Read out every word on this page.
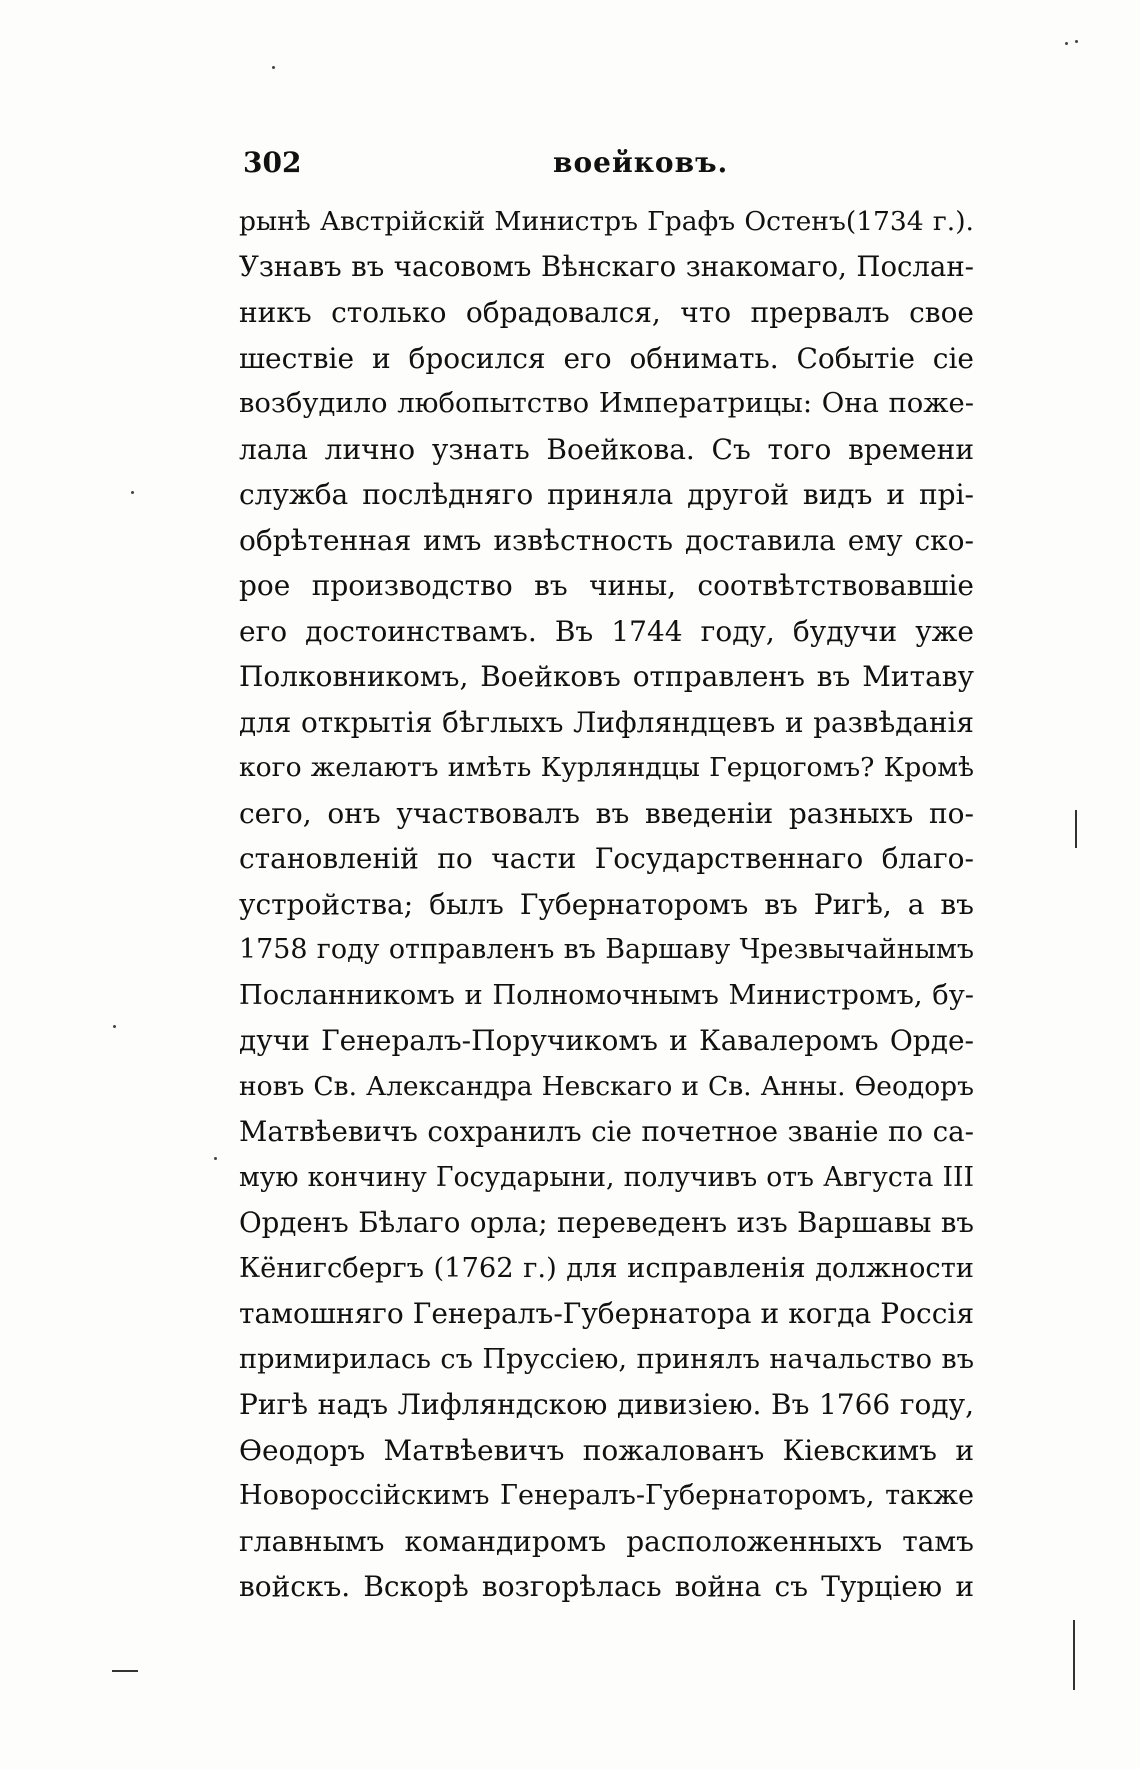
302	воейковъ.
рынѣ Австрійскій Министръ Графъ Остенъ(1734 г.).
Узнавъ въ часовомъ Вѣнскаго знакомаго, Послан-
никъ столько обрадовался, что прервалъ свое
шествіе и бросился его обнимать. Событіе сіе
возбудило любопытство Императрицы: Она поже-
лала лично узнать Воейкова. Съ того времени
служба послѣдняго приняла другой видъ и прі-
обрѣтенная имъ извѣстность доставила ему ско-
рое производство въ чины, соотвѣтствовавшіе
его достоинствамъ. Въ 1744 году, будучи уже
Полковникомъ, Воейковъ отправленъ въ Митаву
для открытія бѣглыхъ Лифляндцевъ и развѣданія
кого желаютъ имѣть Курляндцы Герцогомъ? Кромѣ
сего, онъ участвовалъ въ введеніи разныхъ по-
становленій по части Государственнаго благо-
устройства; былъ Губернаторомъ въ Ригѣ, а въ
1758 году отправленъ въ Варшаву Чрезвычайнымъ
Посланникомъ и Полномочнымъ Министромъ, бу-
дучи Генералъ-Поручикомъ и Кавалеромъ Орде-
новъ Св. Александра Невскаго и Св. Анны. Ѳеодоръ
Матвѣевичъ сохранилъ сіе почетное званіе по са-
мую кончину Государыни, получивъ отъ Августа III
Орденъ Бѣлаго орла; переведенъ изъ Варшавы въ
Кёнигсбергъ (1762 г.) для исправленія должности
тамошняго Генералъ-Губернатора и когда Россія
примирилась съ Пруссіею, принялъ начальство въ
Ригѣ надъ Лифляндскою дивизіею. Въ 1766 году,
Ѳеодоръ Матвѣевичъ пожалованъ Кіевскимъ и
Новороссійскимъ Генералъ-Губернаторомъ, также
главнымъ командиромъ расположенныхъ тамъ
войскъ. Вскорѣ возгорѣлась война съ Турціею и
